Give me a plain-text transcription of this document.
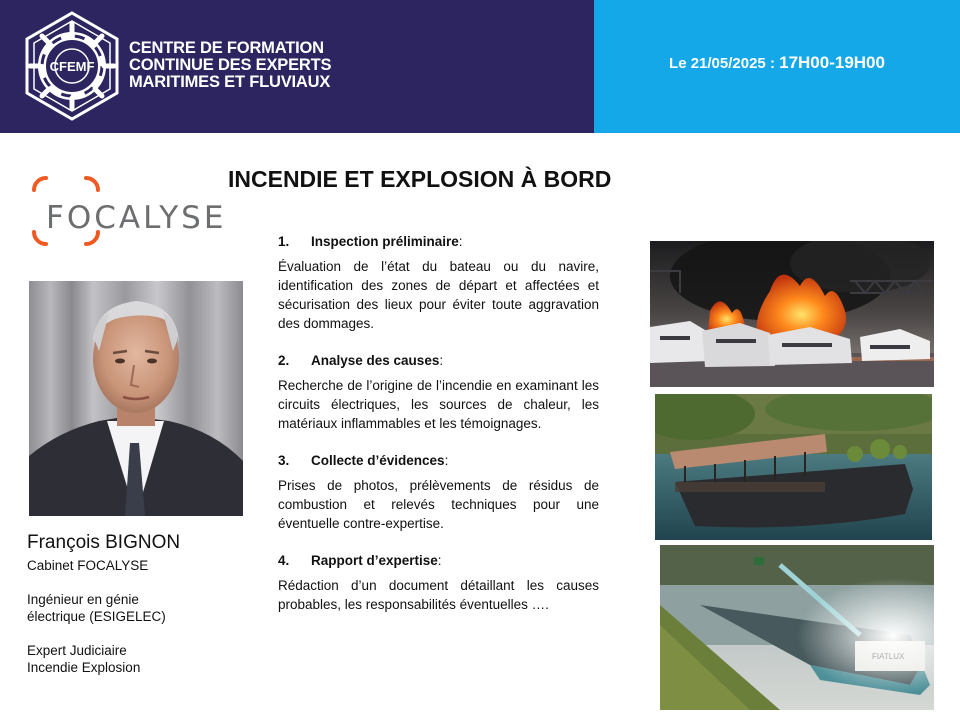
CFEMF
CENTRE DE FORMATION
CONTINUE DES EXPERTS
MARITIMES ET FLUVIAUX
Le 21/05/2025 : 17H00-19H00
FOCALYSE
INCENDIE ET EXPLOSION À BORD
François BIGNON
Cabinet FOCALYSE
Ingénieur en génie
électrique (ESIGELEC)
Expert Judiciaire
Incendie Explosion
1.	Inspection préliminaire :
Évaluation de l’état du bateau ou du navire, identification des zones de départ et affectées et sécurisation des lieux pour éviter toute aggravation des dommages.
2.	Analyse des causes :
Recherche de l’origine de l’incendie en examinant les circuits électriques, les sources de chaleur, les matériaux inflammables et les témoignages.
3.	Collecte d’évidences :
Prises de photos, prélèvements de résidus de combustion et relevés techniques pour une éventuelle contre-expertise.
4.	Rapport d’expertise :
Rédaction d’un document détaillant les causes probables, les responsabilités éventuelles ….
